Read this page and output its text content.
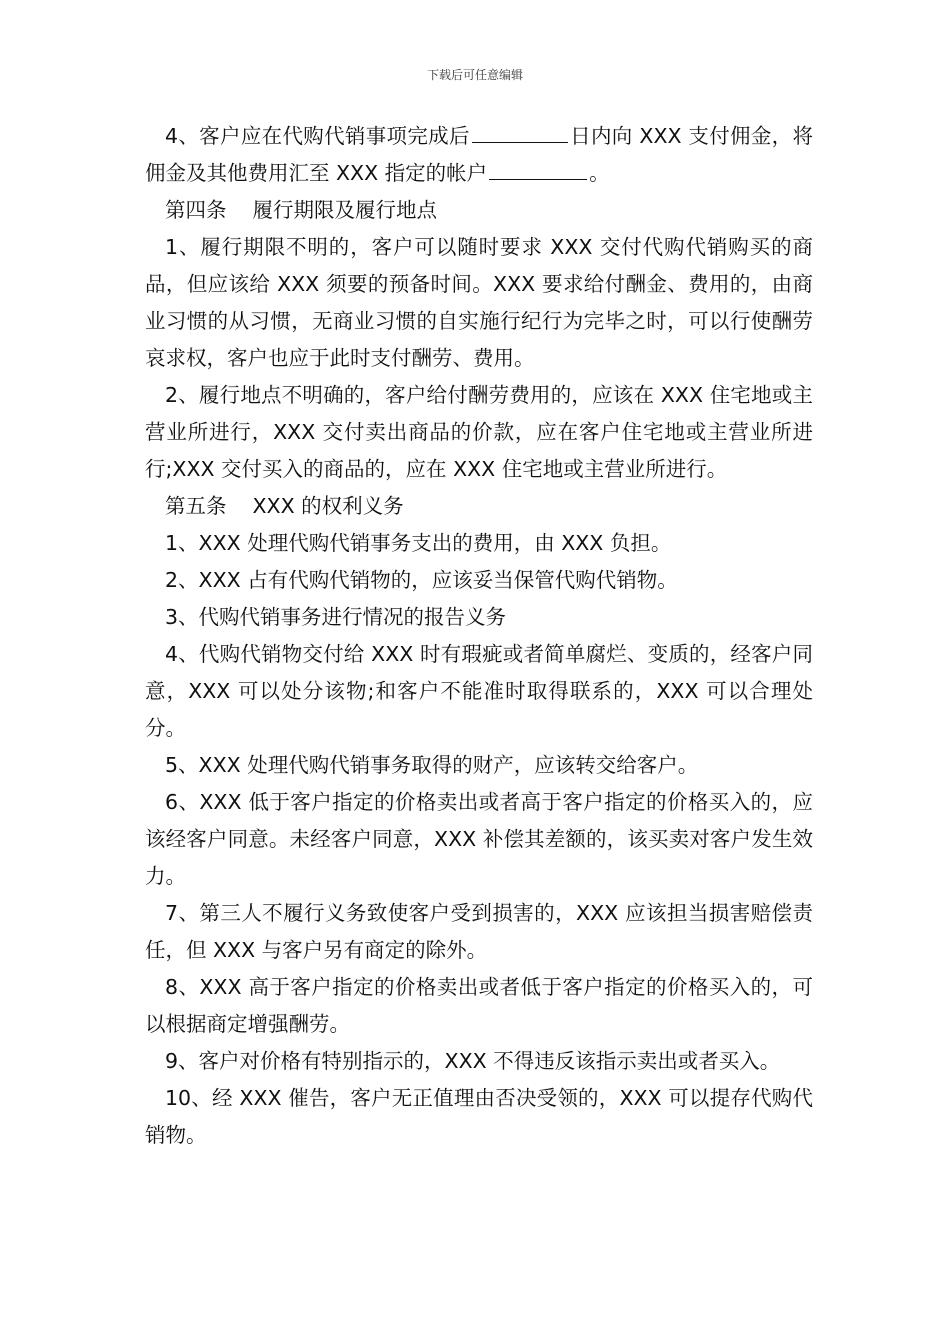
下载后可任意编辑

4、客户应在代购代销事项完成后	日内向 XXX 支付佣金，将佣金及其他费用汇至 XXX 指定的帐户	。

第四条 履行期限及履行地点

1、履行期限不明的，客户可以随时要求 XXX 交付代购代销购买的商品，但应该给 XXX 须要的预备时间。XXX 要求给付酬金、费用的，由商业习惯的从习惯，无商业习惯的自实施行纪行为完毕之时，可以行使酬劳哀求权，客户也应于此时支付酬劳、费用。

2、履行地点不明确的，客户给付酬劳费用的，应该在 XXX 住宅地或主营业所进行，XXX 交付卖出商品的价款，应在客户住宅地或主营业所进行;XXX 交付买入的商品的，应在 XXX 住宅地或主营业所进行。

第五条 XXX 的权利义务

1、XXX 处理代购代销事务支出的费用，由 XXX 负担。

2、XXX 占有代购代销物的，应该妥当保管代购代销物。

3、代购代销事务进行情况的报告义务

4、代购代销物交付给 XXX 时有瑕疵或者简单腐烂、变质的，经客户同意，XXX 可以处分该物;和客户不能准时取得联系的，XXX 可以合理处分。

5、XXX 处理代购代销事务取得的财产，应该转交给客户。

6、XXX 低于客户指定的价格卖出或者高于客户指定的价格买入的，应该经客户同意。未经客户同意，XXX 补偿其差额的，该买卖对客户发生效力。

7、第三人不履行义务致使客户受到损害的，XXX 应该担当损害赔偿责任，但 XXX 与客户另有商定的除外。

8、XXX 高于客户指定的价格卖出或者低于客户指定的价格买入的，可以根据商定增强酬劳。

9、客户对价格有特别指示的，XXX 不得违反该指示卖出或者买入。

10、经 XXX 催告，客户无正值理由否决受领的，XXX 可以提存代购代销物。
